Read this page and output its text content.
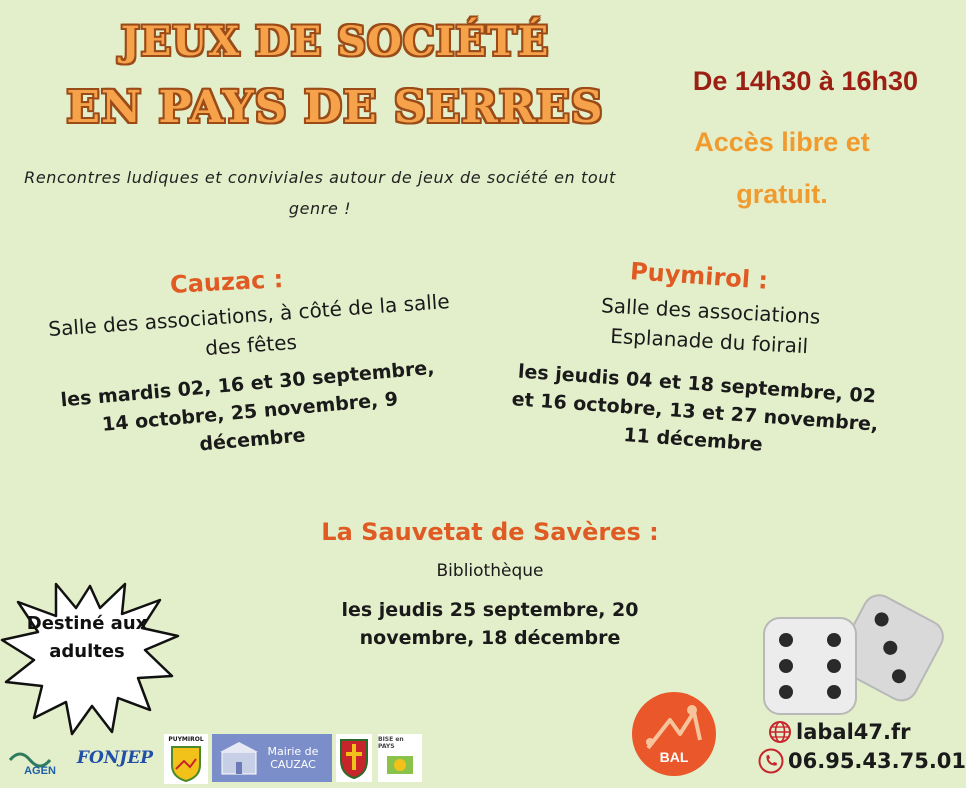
JEUX DE SOCIÉTÉ
EN PAYS DE SERRES
Rencontres ludiques et conviviales autour de jeux de société en tout genre !
De 14h30 à 16h30
Accès libre et gratuit.
Cauzac :
Salle des associations, à côté de la salle des fêtes
les mardis 02, 16 et 30 septembre, 14 octobre, 25 novembre, 9 décembre
Puymirol :
Salle des associations Esplanade du foirail
les jeudis 04 et 18 septembre, 02 et 16 octobre, 13 et 27 novembre, 11 décembre
La Sauvetat de Savères :
Bibliothèque
les jeudis 25 septembre, 20 novembre, 18 décembre
Destiné aux adultes
BAL
labal47.fr
06.95.43.75.01
AGEN
FONJEP
PUYMIROL
Mairie de CAUZAC
BISE en PAYS
